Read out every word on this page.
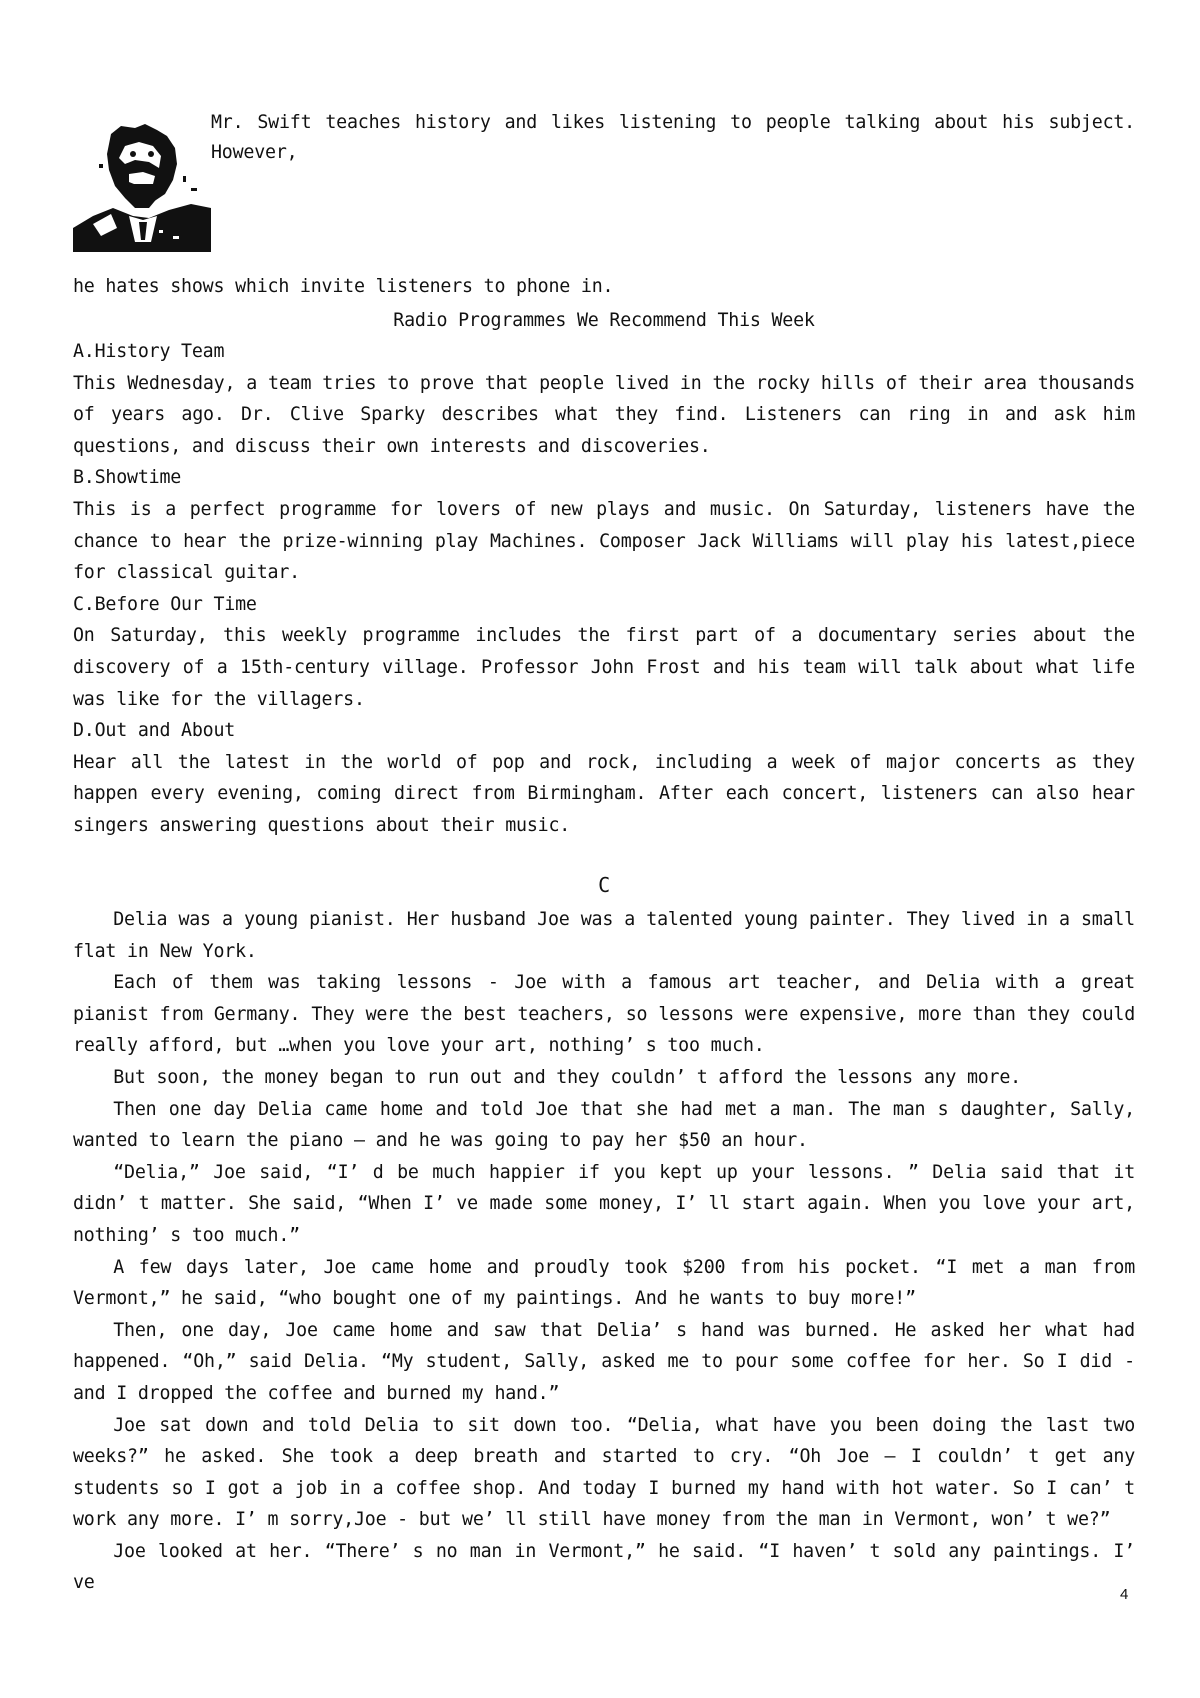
Mr. Swift teaches history and likes listening to people talking about his subject. However,
he hates shows which invite listeners to phone in.
Radio Programmes We Recommend This Week

A.History Team

This Wednesday, a team tries to prove that people lived in the rocky hills of their area thousands of years ago. Dr. Clive Sparky describes what they find. Listeners can ring in and ask him questions, and discuss their own interests and discoveries.

B.Showtime

This is a perfect programme for lovers of new plays and music. On Saturday, listeners have the chance to hear the prize-winning play Machines. Composer Jack Williams will play his latest,piece for classical guitar.

C.Before Our Time

On Saturday, this weekly programme includes the first part of a documentary series about the discovery of a 15th-century village. Professor John Frost and his team will talk about what life was like for the villagers.

D.Out and About

Hear all the latest in the world of pop and rock, including a week of major concerts as they happen every evening, coming direct from Birmingham. After each concert, listeners can also hear singers answering questions about their music.

C

Delia was a young pianist. Her husband Joe was a talented young painter. They lived in a small flat in New York.

Each of them was taking lessons - Joe with a famous art teacher, and Delia with a great pianist from Germany. They were the best teachers, so lessons were expensive, more than they could really afford, but …when you love your art, nothing’ s too much.

But soon, the money began to run out and they couldn’ t afford the lessons any more.

Then one day Delia came home and told Joe that she had met a man. The man s daughter, Sally, wanted to learn the piano — and he was going to pay her $50 an hour.

“Delia,” Joe said, “I’ d be much happier if you kept up your lessons. ” Delia said that it didn’ t matter. She said, “When I’ ve made some money, I’ ll start again. When you love your art, nothing’ s too much.”

A few days later, Joe came home and proudly took $200 from his pocket. “I met a man from Vermont,” he said, “who bought one of my paintings. And he wants to buy more!”

Then, one day, Joe came home and saw that Delia’ s hand was burned. He asked her what had happened. “Oh,” said Delia. “My student, Sally, asked me to pour some coffee for her. So I did - and I dropped the coffee and burned my hand.”

Joe sat down and told Delia to sit down too. “Delia, what have you been doing the last two weeks?” he asked. She took a deep breath and started to cry. “Oh Joe — I couldn’ t get any students so I got a job in a coffee shop. And today I burned my hand with hot water. So I can’ t work any more. I’ m sorry,Joe - but we’ ll still have money from the man in Vermont, won’ t we?”

Joe looked at her. “There’ s no man in Vermont,” he said. “I haven’ t sold any paintings. I’ ve

4
